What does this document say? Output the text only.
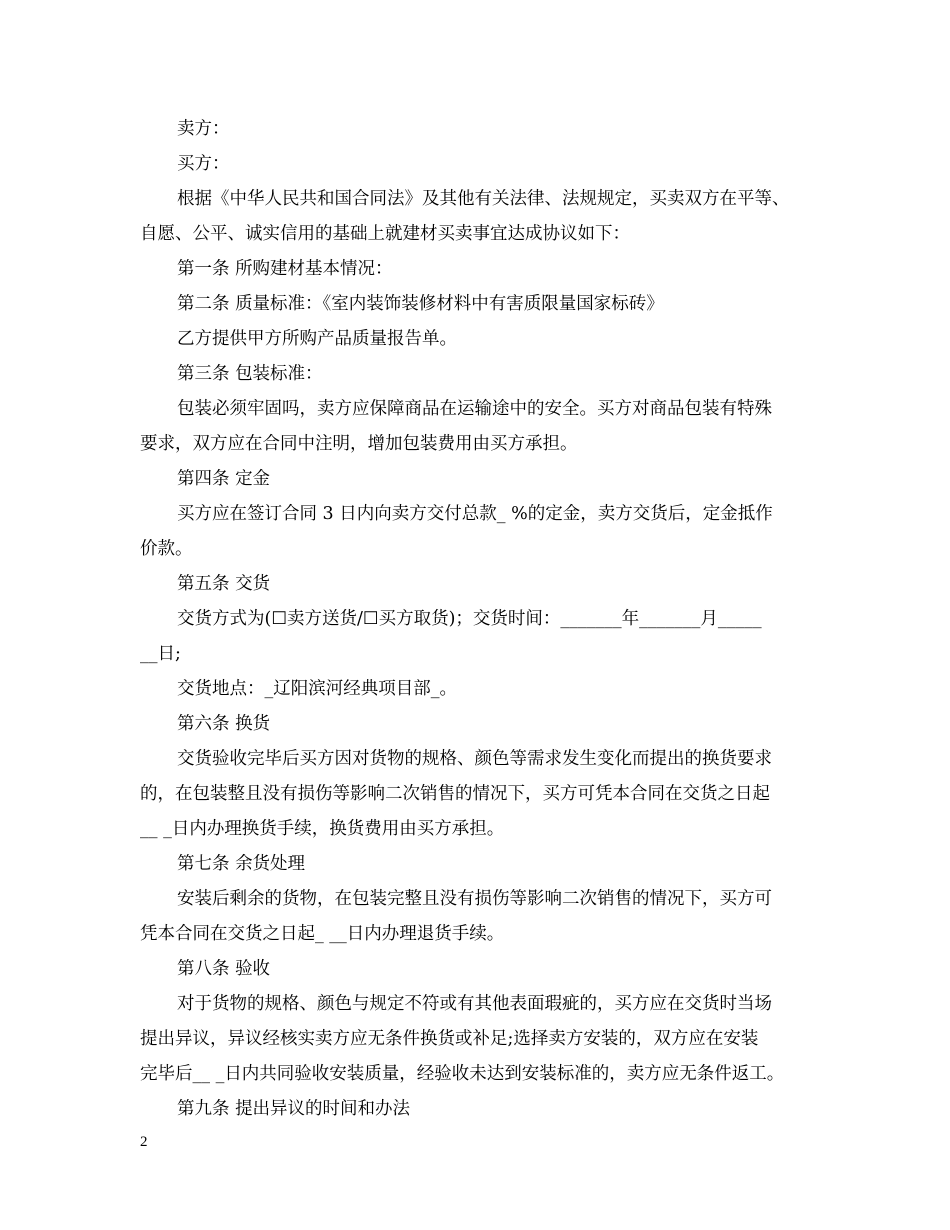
卖方：
买方：
根据《中华人民共和国合同法》及其他有关法律、法规规定，买卖双方在平等、
自愿、公平、诚实信用的基础上就建材买卖事宜达成协议如下：
第一条 所购建材基本情况：
第二条 质量标准：《室内装饰装修材料中有害质限量国家标砖》
乙方提供甲方所购产品质量报告单。
第三条 包装标准：
包装必须牢固吗，卖方应保障商品在运输途中的安全。买方对商品包装有特殊
要求，双方应在合同中注明，增加包装费用由买方承担。
第四条 定金
买方应在签订合同 3 日内向卖方交付总款_ %的定金，卖方交货后，定金抵作
价款。
第五条 交货
交货方式为(☐卖方送货/☐买方取货)；交货时间：_______年_______月_____
__日;
交货地点：_辽阳滨河经典项目部_。
第六条 换货
交货验收完毕后买方因对货物的规格、颜色等需求发生变化而提出的换货要求
的，在包装整且没有损伤等影响二次销售的情况下，买方可凭本合同在交货之日起
__ _日内办理换货手续，换货费用由买方承担。
第七条 余货处理
安装后剩余的货物，在包装完整且没有损伤等影响二次销售的情况下，买方可
凭本合同在交货之日起_ __日内办理退货手续。
第八条 验收
对于货物的规格、颜色与规定不符或有其他表面瑕疵的，买方应在交货时当场
提出异议，异议经核实卖方应无条件换货或补足;选择卖方安装的，双方应在安装
完毕后__ _日内共同验收安装质量，经验收未达到安装标准的，卖方应无条件返工。
第九条 提出异议的时间和办法
2
